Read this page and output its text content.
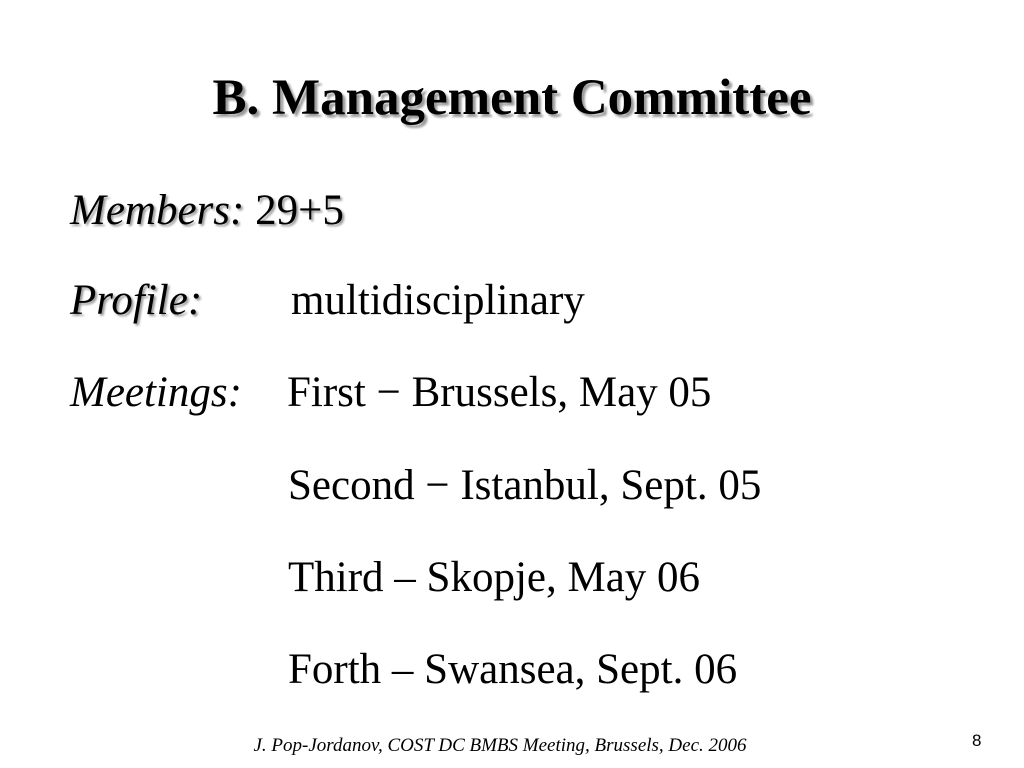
B. Management Committee
Members: 29+5
Profile: multidisciplinary
Meetings: First − Brussels, May 05
Second − Istanbul, Sept. 05
Third – Skopje, May 06
Forth – Swansea, Sept. 06
J. Pop-Jordanov, COST DC BMBS Meeting, Brussels, Dec. 2006	8
